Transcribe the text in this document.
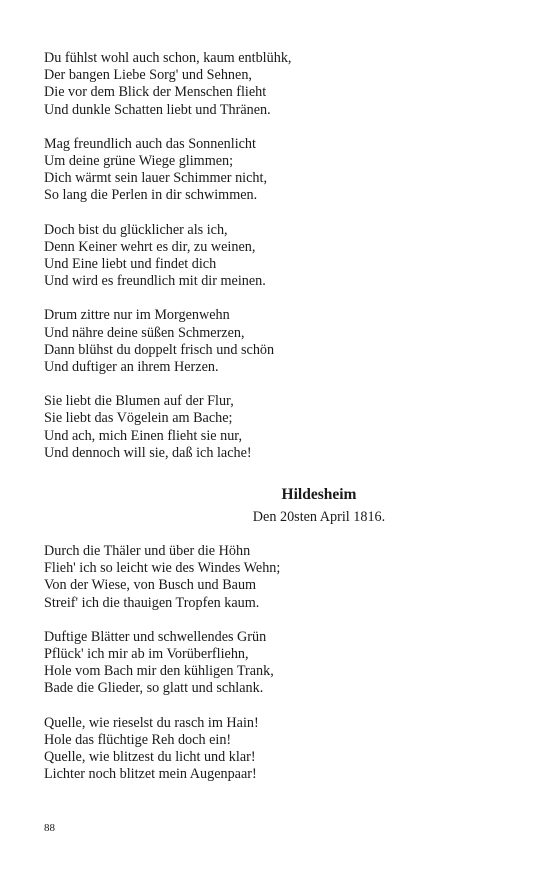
Du fühlst wohl auch schon, kaum entblühk,
Der bangen Liebe Sorg' und Sehnen,
Die vor dem Blick der Menschen flieht
Und dunkle Schatten liebt und Thränen.
Mag freundlich auch das Sonnenlicht
Um deine grüne Wiege glimmen;
Dich wärmt sein lauer Schimmer nicht,
So lang die Perlen in dir schwimmen.
Doch bist du glücklicher als ich,
Denn Keiner wehrt es dir, zu weinen,
Und Eine liebt und findet dich
Und wird es freundlich mit dir meinen.
Drum zittre nur im Morgenwehn
Und nähre deine süßen Schmerzen,
Dann blühst du doppelt frisch und schön
Und duftiger an ihrem Herzen.
Sie liebt die Blumen auf der Flur,
Sie liebt das Vögelein am Bache;
Und ach, mich Einen flieht sie nur,
Und dennoch will sie, daß ich lache!
Hildesheim
Den 20sten April 1816.
Durch die Thäler und über die Höhn
Flieh' ich so leicht wie des Windes Wehn;
Von der Wiese, von Busch und Baum
Streif' ich die thauigen Tropfen kaum.
Duftige Blätter und schwellendes Grün
Pflück' ich mir ab im Vorüberfliehn,
Hole vom Bach mir den kühligen Trank,
Bade die Glieder, so glatt und schlank.
Quelle, wie rieselst du rasch im Hain!
Hole das flüchtige Reh doch ein!
Quelle, wie blitzest du licht und klar!
Lichter noch blitzet mein Augenpaar!
88
